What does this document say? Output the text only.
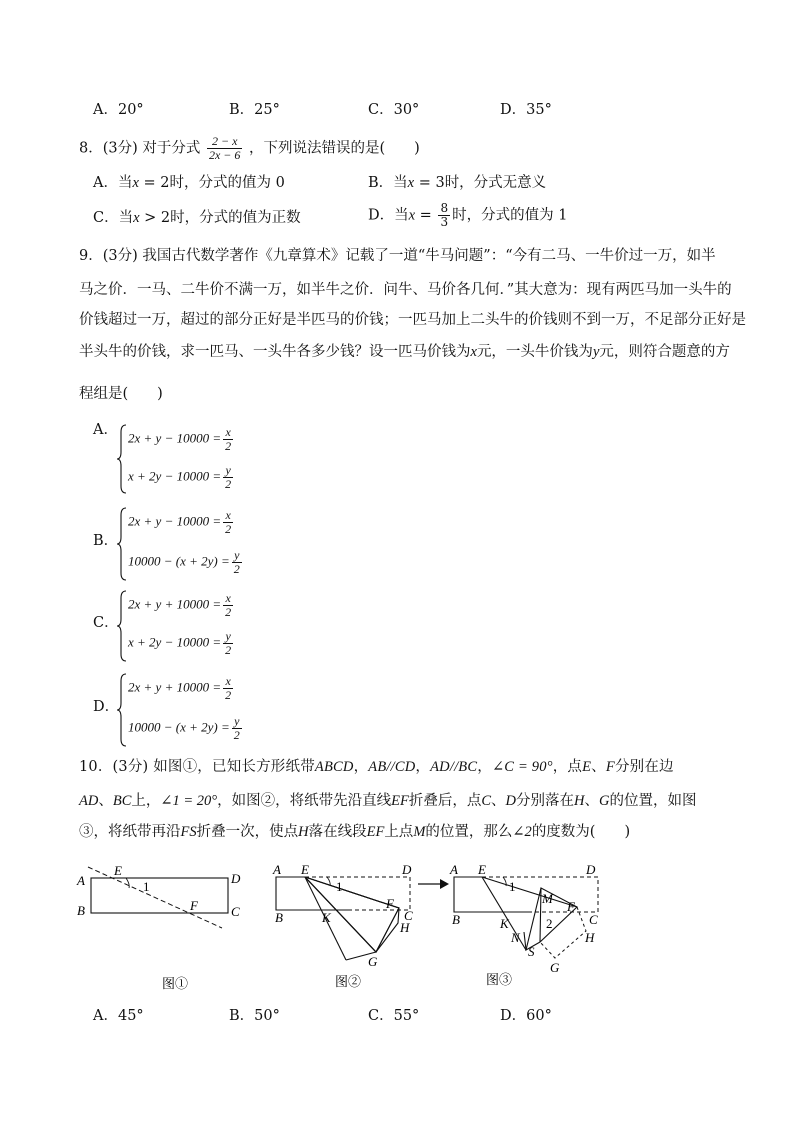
A．20°	B．25°	C．30°	D．35°
8．(3分) 对于分式 $\frac{2 - x}{2x - 6}$ ，下列说法错误的是(　　)
A．当x = 2时，分式的值为 0	B．当x = 3时，分式无意义
C．当x > 2时，分式的值为正数	D．当$x = \frac{8}{3}$ 时，分式的值为 1
9．(3分) 我国古代数学著作《九章算术》记载了一道“牛马问题”：“今有二马、一牛价过一万，如半
马之价．一马、二牛价不满一万，如半牛之价．问牛、马价各几何．”其大意为：现有两匹马加一头牛的
价钱超过一万，超过的部分正好是半匹马的价钱；一匹马加上二头牛的价钱则不到一万，不足部分正好是
半头牛的价钱，求一匹马、一头牛各多少钱？设一匹马价钱为x元，一头牛价钱为y元，则符合题意的方
程组是(　　)
A． $2x + y - 10000 = \frac{x}{2}$
$x + 2y - 10000 = \frac{y}{2}$
B．
$2x + y - 10000 = \frac{x}{2}$
$10000 - (x + 2y) = \frac{y}{2}$
C．
$2x + y + 10000 = \frac{x}{2}$
$x + 2y - 10000 = \frac{y}{2}$
D．
$2x + y + 10000 = \frac{x}{2}$
$10000 - (x + 2y) = \frac{y}{2}$
10．(3分) 如图①，已知长方形纸带ABCD，AB//CD，AD//BC，∠C = 90°，点E、F分别在边
AD、BC上，∠1 = 20°，如图②，将纸带先沿直线EF折叠后，点C、D分别落在H、G的位置，如图
③，将纸带再沿FS折叠一次，使点H落在线段EF上点M的位置，那么∠2的度数为(　　)
A
B
D
C
E
F
1
图①
A
B
E	D
C
F
K
H
G
1
图②
A
B
E	D
C
F
M
K
N
S
H
G
1
2
图③
A．45°	B．50°	C．55°	D．60°
